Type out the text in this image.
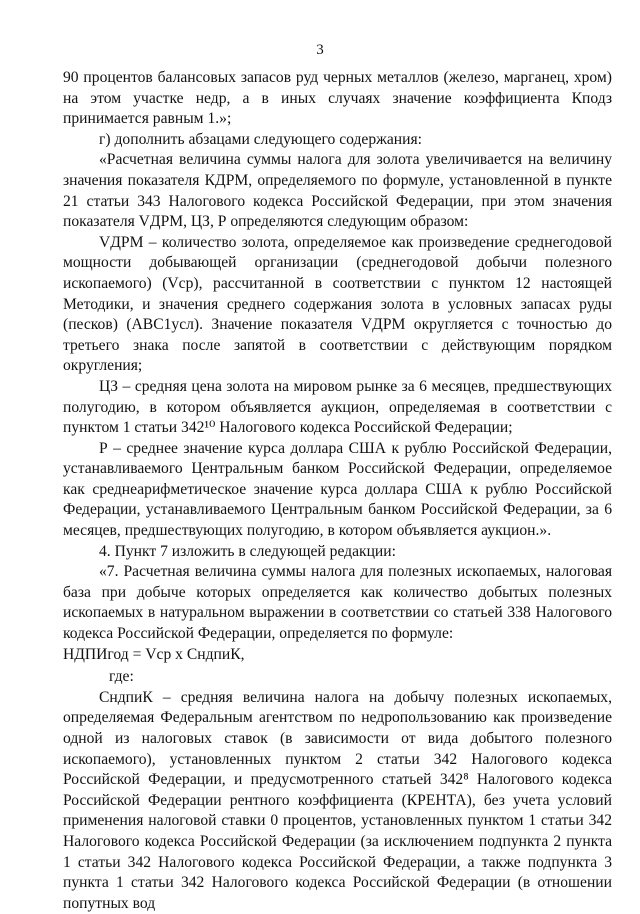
3

90 процентов балансовых запасов руд черных металлов (железо, марганец, хром) на этом участке недр, а в иных случаях значение коэффициента Кподз принимается равным 1.»;

г) дополнить абзацами следующего содержания:

«Расчетная величина суммы налога для золота увеличивается на величину значения показателя КДРМ, определяемого по формуле, установленной в пункте 21 статьи 343 Налогового кодекса Российской Федерации, при этом значения показателя VДРМ, ЦЗ, Р определяются следующим образом:

VДРМ – количество золота, определяемое как произведение среднегодовой мощности добывающей организации (среднегодовой добычи полезного ископаемого) (Vср), рассчитанной в соответствии с пунктом 12 настоящей Методики, и значения среднего содержания золота в условных запасах руды (песков) (АВС1усл). Значение показателя VДРМ округляется с точностью до третьего знака после запятой в соответствии с действующим порядком округления;

ЦЗ – средняя цена золота на мировом рынке за 6 месяцев, предшествующих полугодию, в котором объявляется аукцион, определяемая в соответствии с пунктом 1 статьи 342¹⁰ Налогового кодекса Российской Федерации;

Р – среднее значение курса доллара США к рублю Российской Федерации, устанавливаемого Центральным банком Российской Федерации, определяемое как среднеарифметическое значение курса доллара США к рублю Российской Федерации, устанавливаемого Центральным банком Российской Федерации, за 6 месяцев, предшествующих полугодию, в котором объявляется аукцион.».

4. Пункт 7 изложить в следующей редакции:

«7. Расчетная величина суммы налога для полезных ископаемых, налоговая база при добыче которых определяется как количество добытых полезных ископаемых в натуральном выражении в соответствии со статьей 338 Налогового кодекса Российской Федерации, определяется по формуле:

НДПИгод = Vср х СндпиК,

где:

СндпиК – средняя величина налога на добычу полезных ископаемых, определяемая Федеральным агентством по недропользованию как произведение одной из налоговых ставок (в зависимости от вида добытого полезного ископаемого), установленных пунктом 2 статьи 342 Налогового кодекса Российской Федерации, и предусмотренного статьей 342⁸ Налогового кодекса Российской Федерации рентного коэффициента (КРЕНТА), без учета условий применения налоговой ставки 0 процентов, установленных пунктом 1 статьи 342 Налогового кодекса Российской Федерации (за исключением подпункта 2 пункта 1 статьи 342 Налогового кодекса Российской Федерации, а также подпункта 3 пункта 1 статьи 342 Налогового кодекса Российской Федерации (в отношении попутных вод
